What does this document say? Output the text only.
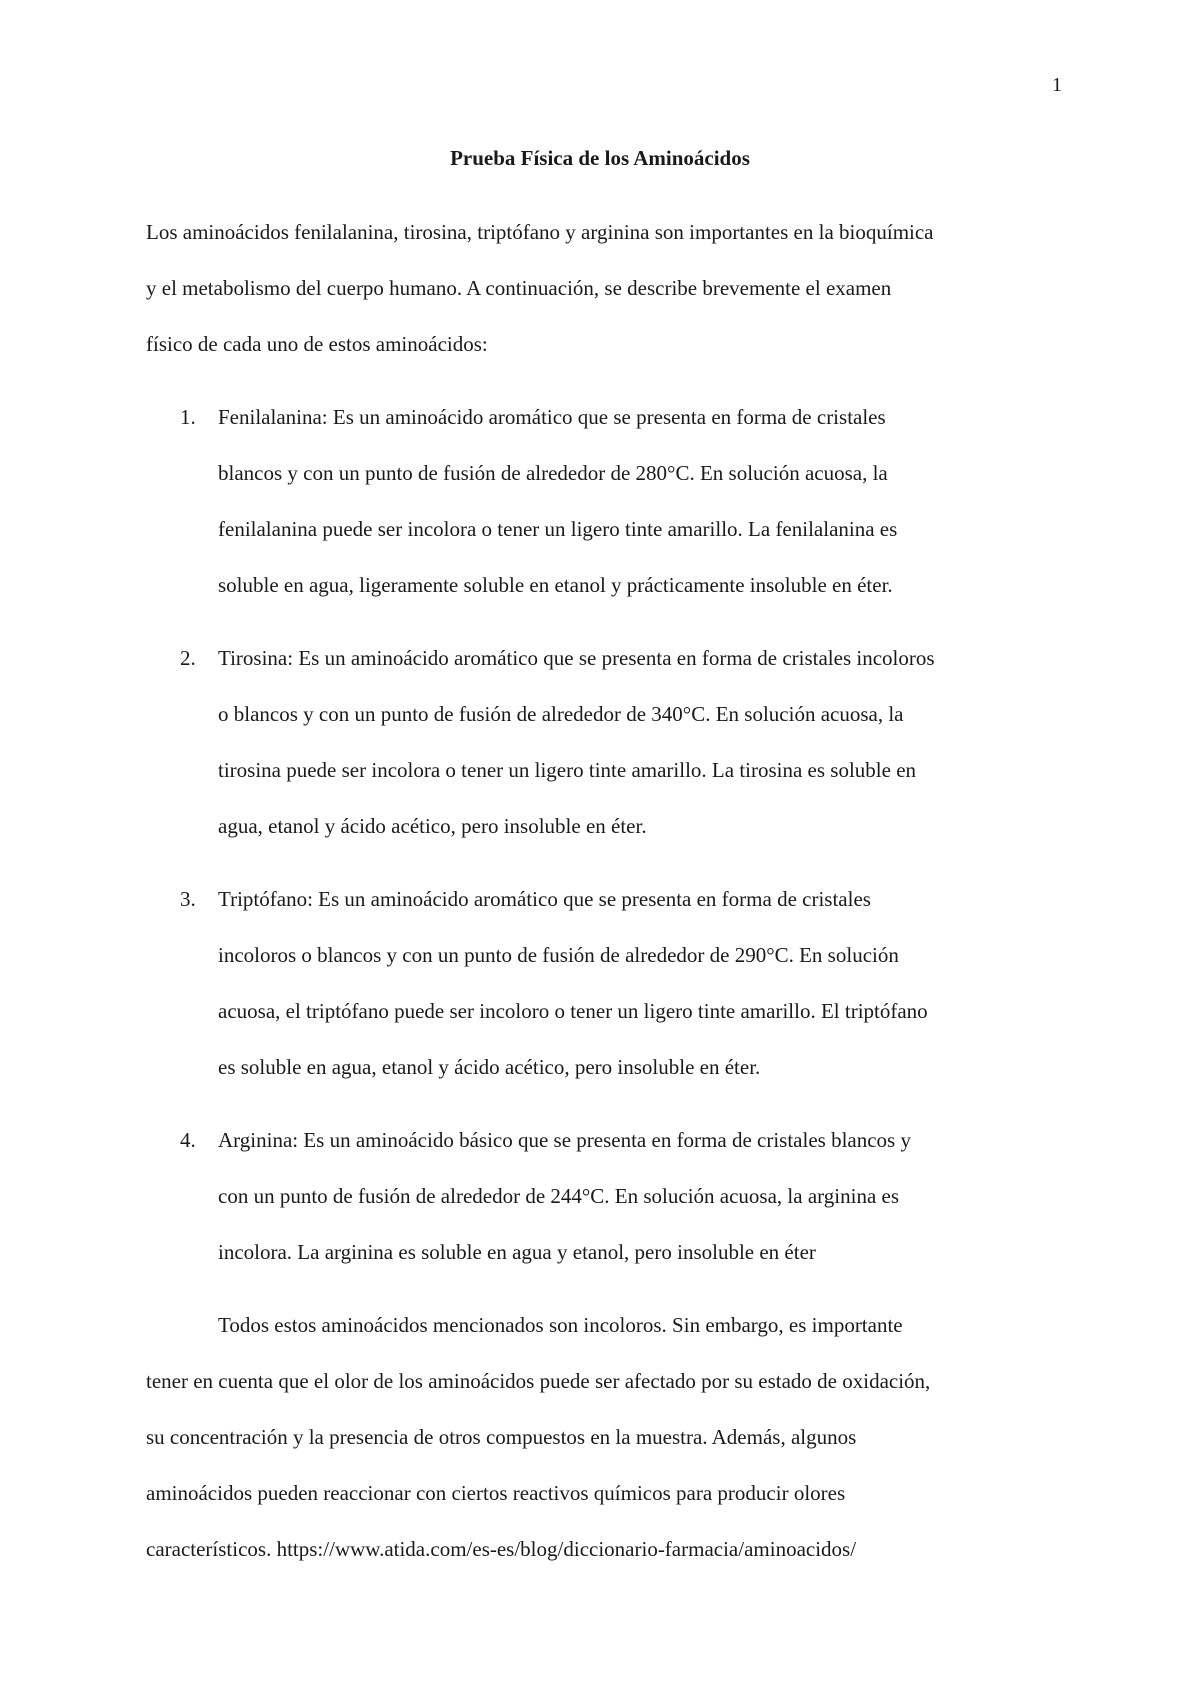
1
Prueba Física de los Aminoácidos
Los aminoácidos fenilalanina, tirosina, triptófano y arginina son importantes en la bioquímica
y el metabolismo del cuerpo humano. A continuación, se describe brevemente el examen
físico de cada uno de estos aminoácidos:
1. Fenilalanina: Es un aminoácido aromático que se presenta en forma de cristales
blancos y con un punto de fusión de alrededor de 280°C. En solución acuosa, la
fenilalanina puede ser incolora o tener un ligero tinte amarillo. La fenilalanina es
soluble en agua, ligeramente soluble en etanol y prácticamente insoluble en éter.
2. Tirosina: Es un aminoácido aromático que se presenta en forma de cristales incoloros
o blancos y con un punto de fusión de alrededor de 340°C. En solución acuosa, la
tirosina puede ser incolora o tener un ligero tinte amarillo. La tirosina es soluble en
agua, etanol y ácido acético, pero insoluble en éter.
3. Triptófano: Es un aminoácido aromático que se presenta en forma de cristales
incoloros o blancos y con un punto de fusión de alrededor de 290°C. En solución
acuosa, el triptófano puede ser incoloro o tener un ligero tinte amarillo. El triptófano
es soluble en agua, etanol y ácido acético, pero insoluble en éter.
4. Arginina: Es un aminoácido básico que se presenta en forma de cristales blancos y
con un punto de fusión de alrededor de 244°C. En solución acuosa, la arginina es
incolora. La arginina es soluble en agua y etanol, pero insoluble en éter
Todos estos aminoácidos mencionados son incoloros. Sin embargo, es importante
tener en cuenta que el olor de los aminoácidos puede ser afectado por su estado de oxidación,
su concentración y la presencia de otros compuestos en la muestra. Además, algunos
aminoácidos pueden reaccionar con ciertos reactivos químicos para producir olores
característicos. https://www.atida.com/es-es/blog/diccionario-farmacia/aminoacidos/
